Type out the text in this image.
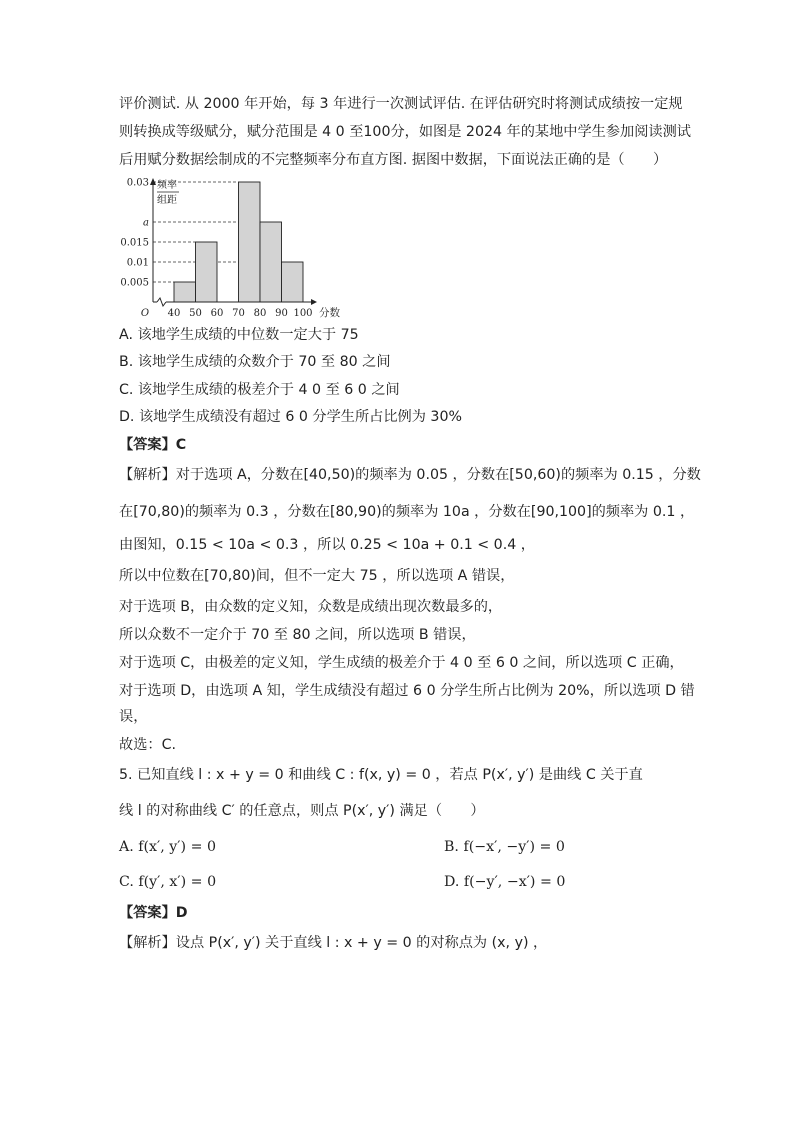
评价测试. 从 2000 年开始，每 3 年进行一次测试评估. 在评估研究时将测试成绩按一定规
则转换成等级赋分，赋分范围是 4 0 至100分，如图是 2024 年的某地中学生参加阅读测试
后用赋分数据绘制成的不完整频率分布直方图. 据图中数据，下面说法正确的是（　　）
0.03
a
0.015
0.01
0.005
40 50 60 70 80 90 100
O
频率
组距
分数
A. 该地学生成绩的中位数一定大于 75
B. 该地学生成绩的众数介于 70 至 80 之间
C. 该地学生成绩的极差介于 4 0 至 6 0 之间
D. 该地学生成绩没有超过 6 0 分学生所占比例为 30%
【答案】C
【解析】对于选项 A，分数在[40,50)的频率为 0.05 ，分数在[50,60)的频率为 0.15 ，分数
在[70,80)的频率为 0.3 ，分数在[80,90)的频率为 10a ，分数在[90,100]的频率为 0.1 ，
由图知，0.15 < 10a < 0.3 ，所以 0.25 < 10a + 0.1 < 0.4 ，
所以中位数在[70,80)间，但不一定大 75 ，所以选项 A 错误，
对于选项 B，由众数的定义知，众数是成绩出现次数最多的，
所以众数不一定介于 70 至 80 之间，所以选项 B 错误，
对于选项 C，由极差的定义知，学生成绩的极差介于 4 0 至 6 0 之间，所以选项 C 正确，
对于选项 D，由选项 A 知，学生成绩没有超过 6 0 分学生所占比例为 20%，所以选项 D 错
误，
故选：C.
5. 已知直线 l : x + y = 0 和曲线 C : f(x, y) = 0 ，若点 P(x′, y′) 是曲线 C 关于直
线 l 的对称曲线 C′ 的任意点，则点 P(x′, y′) 满足（　　）
A. f(x′, y′) = 0	B. f(−x′, −y′) = 0
C. f(y′, x′) = 0	D. f(−y′, −x′) = 0
【答案】D
【解析】设点 P(x′, y′) 关于直线 l : x + y = 0 的对称点为 (x, y) ，
